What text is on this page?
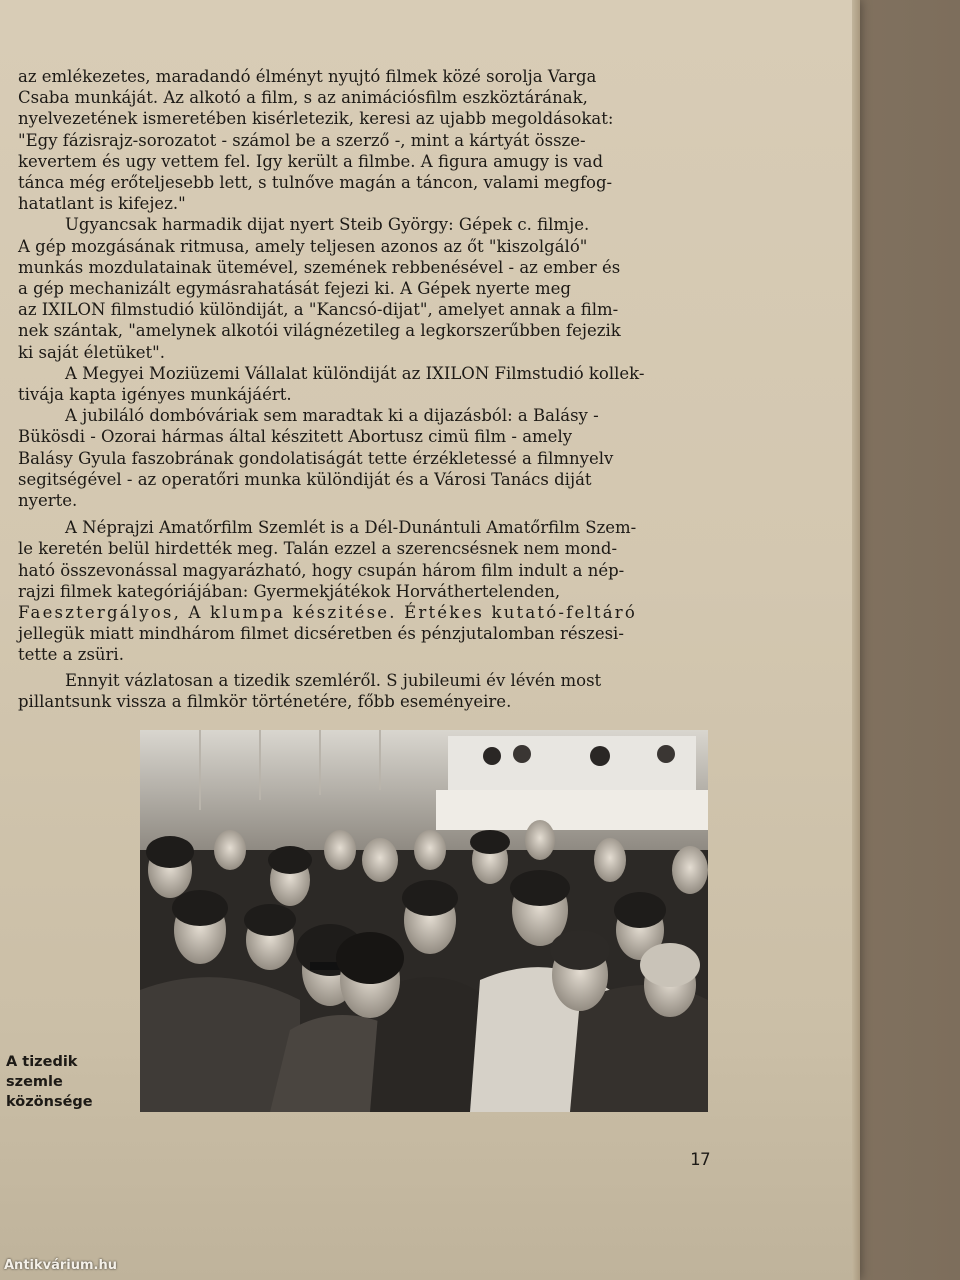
az emlékezetes, maradandó élményt nyujtó filmek közé sorolja Varga
Csaba munkáját. Az alkotó a film, s az animációsfilm eszköztárának,
nyelvezetének ismeretében kisérletezik, keresi az ujabb megoldásokat:
"Egy fázisrajz-sorozatot - számol be a szerző -, mint a kártyát össze-
kevertem és ugy vettem fel. Igy került a filmbe. A figura amugy is vad
tánca még erőteljesebb lett, s tulnőve magán a táncon, valami megfog-
hatatlant is kifejez."

Ugyancsak harmadik dijat nyert Steib György: Gépek c. filmje.
A gép mozgásának ritmusa, amely teljesen azonos az őt "kiszolgáló"
munkás mozdulatainak ütemével, szemének rebbenésével - az ember és
a gép mechanizált egymásrahatását fejezi ki. A Gépek nyerte meg
az IXILON filmstudió különdiját, a "Kancsó-dijat", amelyet annak a film-
nek szántak, "amelynek alkotói világnézetileg a legkorszerűbben fejezik
ki saját életüket".

A Megyei Moziüzemi Vállalat különdiját az IXILON Filmstudió kollek-
tivája kapta igényes munkájáért.

A jubiláló dombóváriak sem maradtak ki a dijazásból: a Balásy -
Bükösdi - Ozorai hármas által készitett Abortusz cimü film - amely
Balásy Gyula faszobrának gondolatiságát tette érzékletessé a filmnyelv
segitségével - az operatőri munka különdiját és a Városi Tanács diját
nyerte.

A Néprajzi Amatőrfilm Szemlét is a Dél-Dunántuli Amatőrfilm Szem-
le keretén belül hirdették meg. Talán ezzel a szerencsésnek nem mond-
ható összevonással magyarázható, hogy csupán három film indult a nép-
rajzi filmek kategóriájában: Gyermekjátékok Horváthertelenden,
Faesztergályos, A klumpa készitése. Értékes kutató-feltáró
jellegük miatt mindhárom filmet dicséretben és pénzjutalomban részesi-
tette a zsüri.

Ennyit vázlatosan a tizedik szemléről. S jubileumi év lévén most
pillantsunk vissza a filmkör történetére, főbb eseményeire.

A tizedik
szemle
közönsége
17
Antikvárium.hu
